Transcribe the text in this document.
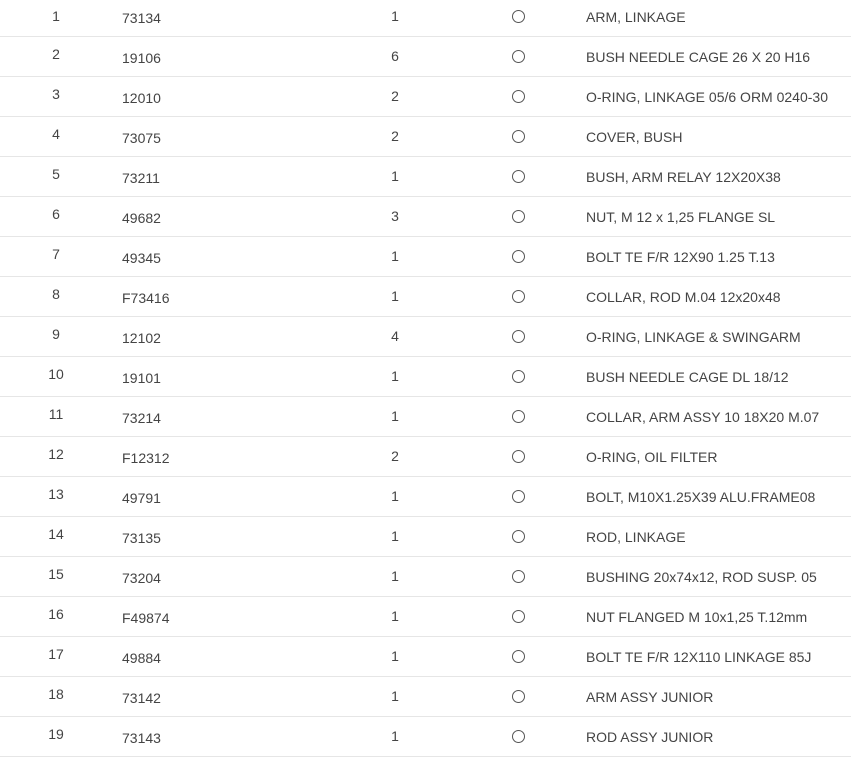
1	73134	1	ARM, LINKAGE
2	19106	6	BUSH NEEDLE CAGE 26 X 20 H16
3	12010	2	O-RING, LINKAGE 05/6 ORM 0240-30
4	73075	2	COVER, BUSH
5	73211	1	BUSH, ARM RELAY 12X20X38
6	49682	3	NUT, M 12 x 1,25 FLANGE SL
7	49345	1	BOLT TE F/R 12X90 1.25 T.13
8	F73416	1	COLLAR, ROD M.04 12x20x48
9	12102	4	O-RING, LINKAGE & SWINGARM
10	19101	1	BUSH NEEDLE CAGE DL 18/12
11	73214	1	COLLAR, ARM ASSY 10 18X20 M.07
12	F12312	2	O-RING, OIL FILTER
13	49791	1	BOLT, M10X1.25X39 ALU.FRAME08
14	73135	1	ROD, LINKAGE
15	73204	1	BUSHING 20x74x12, ROD SUSP. 05
16	F49874	1	NUT FLANGED M 10x1,25 T.12mm
17	49884	1	BOLT TE F/R 12X110 LINKAGE 85J
18	73142	1	ARM ASSY JUNIOR
19	73143	1	ROD ASSY JUNIOR
